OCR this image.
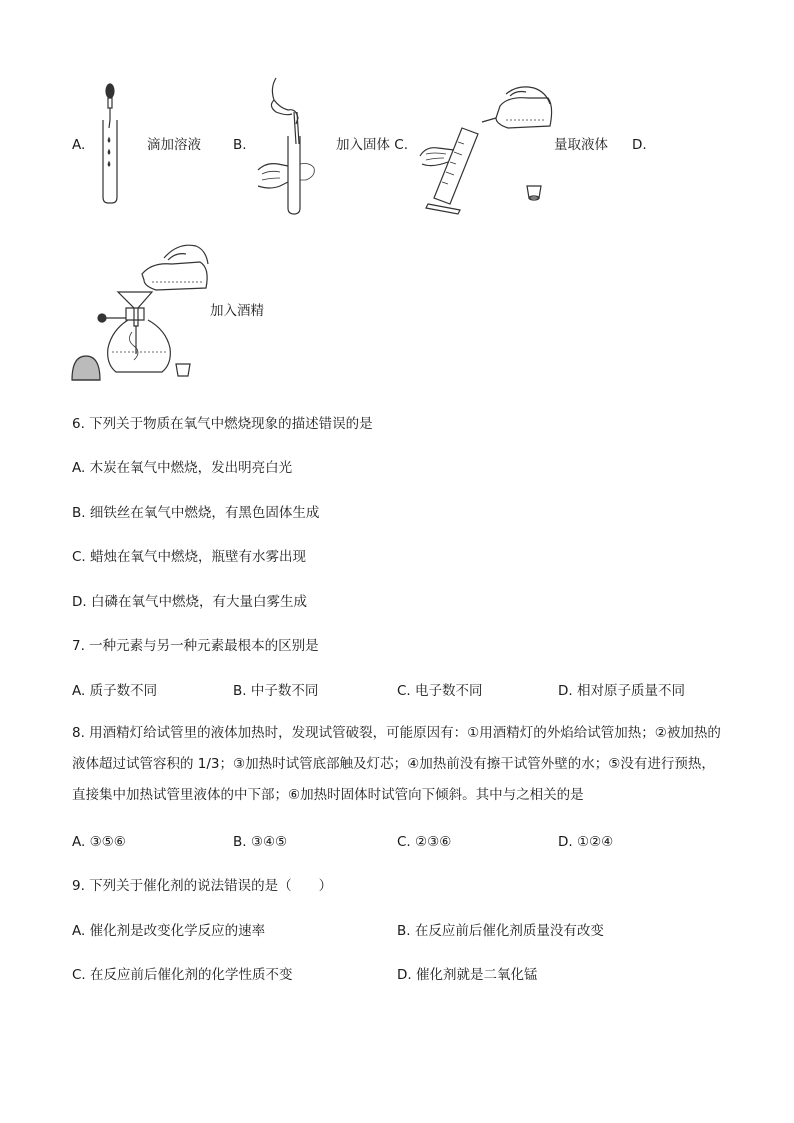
A.	滴加溶液 B.	加入固体 C.	量取液体 D.
加入酒精
6. 下列关于物质在氧气中燃烧现象的描述错误的是
A. 木炭在氧气中燃烧，发出明亮白光
B. 细铁丝在氧气中燃烧，有黑色固体生成
C. 蜡烛在氧气中燃烧，瓶壁有水雾出现
D. 白磷在氧气中燃烧，有大量白雾生成
7. 一种元素与另一种元素最根本的区别是
A. 质子数不同	B. 中子数不同	C. 电子数不同	D. 相对原子质量不同
8. 用酒精灯给试管里的液体加热时，发现试管破裂，可能原因有：①用酒精灯的外焰给试管加热；②被加热的液体超过试管容积的 1/3；③加热时试管底部触及灯芯；④加热前没有擦干试管外壁的水；⑤没有进行预热，直接集中加热试管里液体的中下部；⑥加热时固体时试管向下倾斜。其中与之相关的是
A. ③⑤⑥	B. ③④⑤	C. ②③⑥	D. ①②④
9. 下列关于催化剂的说法错误的是（　　）
A. 催化剂是改变化学反应的速率	B. 在反应前后催化剂质量没有改变
C. 在反应前后催化剂的化学性质不变	D. 催化剂就是二氧化锰
